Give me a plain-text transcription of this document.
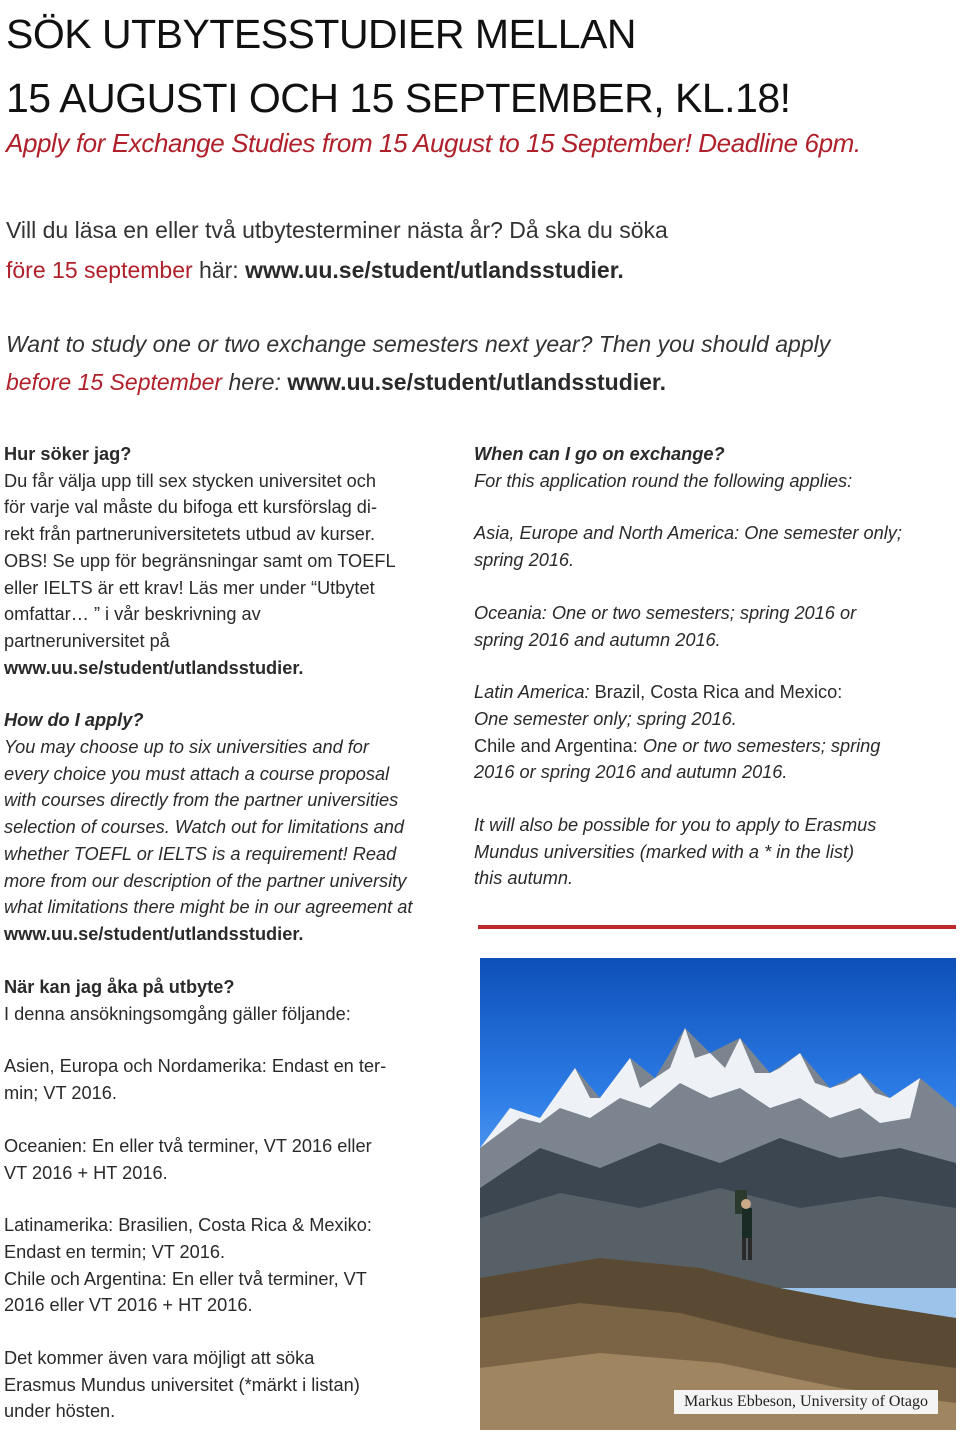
SÖK UTBYTESSTUDIER MELLAN
15 AUGUSTI OCH 15 SEPTEMBER, KL.18!
Apply for Exchange Studies from 15 August to 15 September! Deadline 6pm.
Vill du läsa en eller två utbytesterminer nästa år? Då ska du söka
före 15 september här: www.uu.se/student/utlandsstudier.
Want to study one or two exchange semesters next year? Then you should apply
before 15 September here: www.uu.se/student/utlandsstudier.

Hur söker jag?

Du får välja upp till sex stycken universitet och

för varje val måste du bifoga ett kursförslag di-

rekt från partneruniversitetets utbud av kurser.

OBS! Se upp för begränsningar samt om TOEFL

eller IELTS är ett krav! Läs mer under “Utbytet

omfattar… ” i vår beskrivning av

partneruniversitet på

www.uu.se/student/utlandsstudier.

How do I apply?

You may choose up to six universities and for

every choice you must attach a course proposal

with courses directly from the partner universities

selection of courses. Watch out for limitations and

whether TOEFL or IELTS is a requirement! Read

more from our description of the partner university

what limitations there might be in our agreement at

www.uu.se/student/utlandsstudier.

När kan jag åka på utbyte?

I denna ansökningsomgång gäller följande:

Asien, Europa och Nordamerika: Endast en ter-

min; VT 2016.

Oceanien: En eller två terminer, VT 2016 eller

VT 2016 + HT 2016.

Latinamerika: Brasilien, Costa Rica & Mexiko:

Endast en termin; VT 2016.

Chile och Argentina: En eller två terminer, VT

2016 eller VT 2016 + HT 2016.

Det kommer även vara möjligt att söka

Erasmus Mundus universitet (*märkt i listan)

under hösten.

When can I go on exchange?

For this application round the following applies:

Asia, Europe and North America: One semester only;

spring 2016.

Oceania: One or two semesters; spring 2016 or

spring 2016 and autumn 2016.

Latin America: Brazil, Costa Rica and Mexico:

One semester only; spring 2016.

Chile and Argentina: One or two semesters; spring

2016 or spring 2016 and autumn 2016.

It will also be possible for you to apply to Erasmus

Mundus universities (marked with a * in the list)

this autumn.

Markus Ebbeson, University of Otago
